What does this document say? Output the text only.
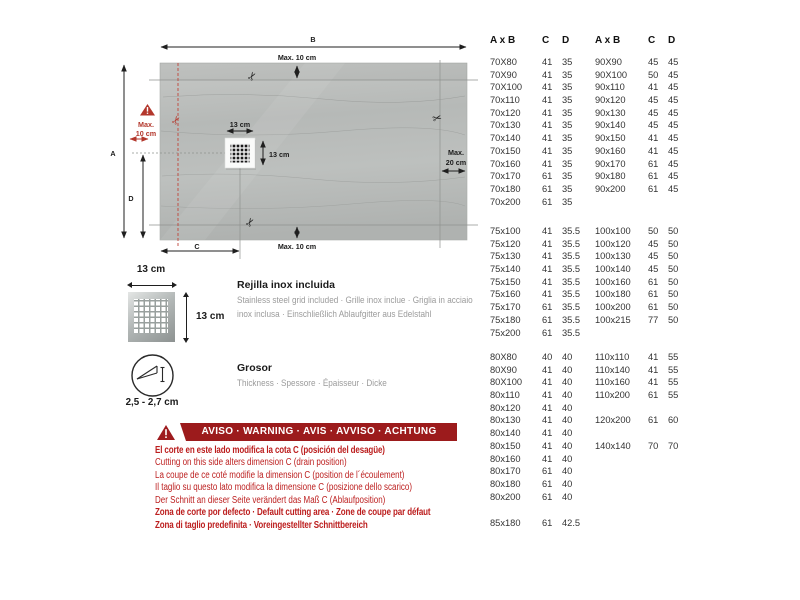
B
A
D
C
Max. 10 cm
Max. 10 cm
Max.
20 cm
13 cm
13 cm
Max.
10 cm
✂
✂
✂
✂
13 cm
13 cm
Rejilla inox incluida
Stainless steel grid included · Grille inox inclue · Griglia in acciaio inox inclusa · Einschließlich Ablaufgitter aus Edelstahl
2,5 - 2,7 cm
Grosor
Thickness · Spessore · Épaisseur · Dicke
AVISO · WARNING · AVIS · AVVISO · ACHTUNG
El corte en este lado modifica la cota C (posición del desagüe)
Cutting on this side alters dimension C (drain position)
La coupe de ce coté modifie la dimension C (position de l´écoulement)
Il taglio su questo lato modifica la dimensione C (posizione dello scarico)
Der Schnitt an dieser Seite verändert das Maß C (Ablaufposition)
Zona de corte por defecto · Default cutting area · Zone de coupe par défaut
Zona di taglio predefinita · Voreingestellter Schnittbereich
A x B	C	D	A x B	C	D
70X80	41	35	90X90	45	45
70X90	41	35	90X100	50	45
70X100	41	35	90x110	41	45
70x110	41	35	90x120	45	45
70x120	41	35	90x130	45	45
70x130	41	35	90x140	45	45
70x140	41	35	90x150	41	45
70x150	41	35	90x160	41	45
70x160	41	35	90x170	61	45
70x170	61	35	90x180	61	45
70x180	61	35	90x200	61	45
70x200	61	35
75x100	41	35.5	100x100	50	50
75x120	41	35.5	100x120	45	50
75x130	41	35.5	100x130	45	50
75x140	41	35.5	100x140	45	50
75x150	41	35.5	100x160	61	50
75x160	41	35.5	100x180	61	50
75x170	61	35.5	100x200	61	50
75x180	61	35.5	100x215	77	50
75x200	61	35.5
80X80	40	40	110x110	41	55
80X90	41	40	110x140	41	55
80X100	41	40	110x160	41	55
80x110	41	40	110x200	61	55
80x120	41	40
80x130	41	40	120x200	61	60
80x140	41	40
80x150	41	40	140x140	70	70
80x160	41	40
80x170	61	40
80x180	61	40
80x200	61	40
85x180	61	42.5
